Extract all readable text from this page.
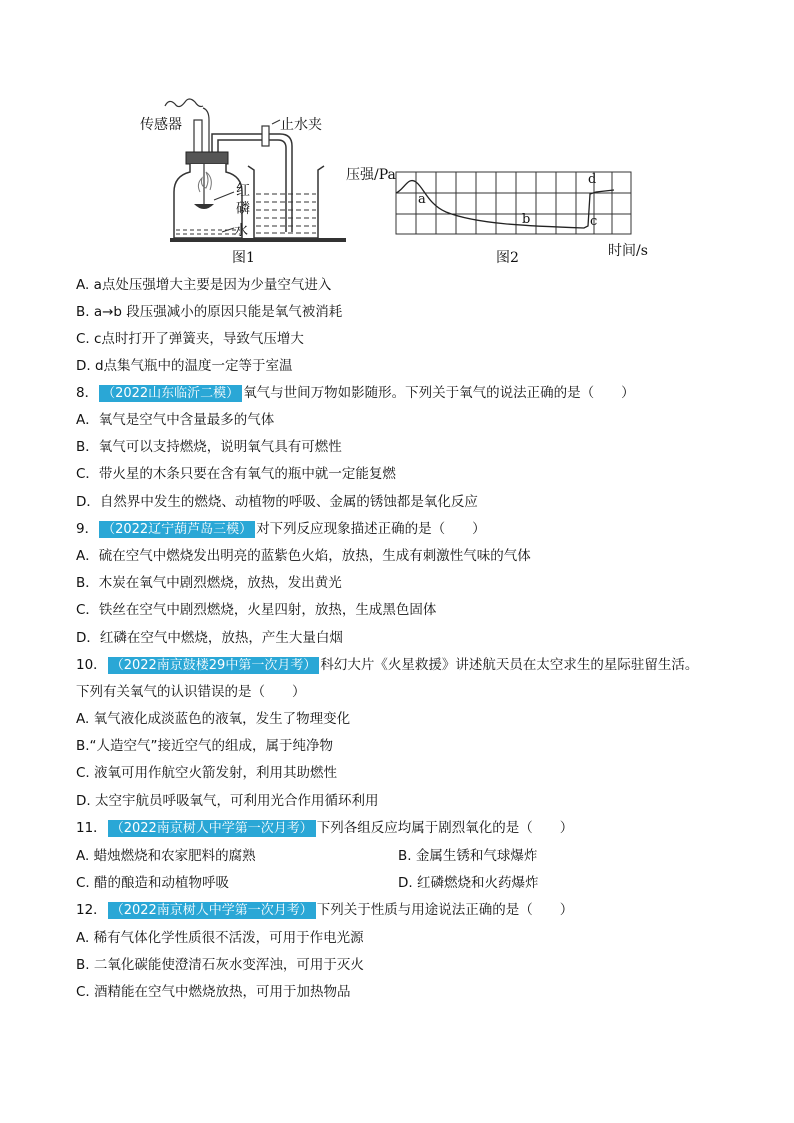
传感器	止水夹
红
磷
水
图1
压强/Pa
a
b	c
d
图2	时间/s
A. a点处压强增大主要是因为少量空气进入
B. a→b 段压强减小的原因只能是氧气被消耗
C. c点时打开了弹簧夹，导致气压增大
D. d点集气瓶中的温度一定等于室温
8． （2022山东临沂二模） 氧气与世间万物如影随形。下列关于氧气的说法正确的是（　　）
A．氧气是空气中含量最多的气体
B．氧气可以支持燃烧，说明氧气具有可燃性
C．带火星的木条只要在含有氧气的瓶中就一定能复燃
D．自然界中发生的燃烧、动植物的呼吸、金属的锈蚀都是氧化反应
9． （2022辽宁葫芦岛三模） 对下列反应现象描述正确的是（　　）
A．硫在空气中燃烧发出明亮的蓝紫色火焰，放热，生成有刺激性气味的气体
B．木炭在氧气中剧烈燃烧，放热，发出黄光
C．铁丝在空气中剧烈燃烧，火星四射，放热，生成黑色固体
D．红磷在空气中燃烧，放热，产生大量白烟
10． （2022南京鼓楼29中第一次月考） 科幻大片《火星救援》讲述航天员在太空求生的星际驻留生活。
下列有关氧气的认识错误的是（　　）
A. 氧气液化成淡蓝色的液氧，发生了物理变化
B.“人造空气”接近空气的组成，属于纯净物
C. 液氧可用作航空火箭发射，利用其助燃性
D. 太空宇航员呼吸氧气，可利用光合作用循环利用
11． （2022南京树人中学第一次月考） 下列各组反应均属于剧烈氧化的是（　　）
A. 蜡烛燃烧和农家肥料的腐熟	B. 金属生锈和气球爆炸
C. 醋的酿造和动植物呼吸	D. 红磷燃烧和火药爆炸
12． （2022南京树人中学第一次月考） 下列关于性质与用途说法正确的是（　　）
A. 稀有气体化学性质很不活泼，可用于作电光源
B. 二氧化碳能使澄清石灰水变浑浊，可用于灭火
C. 酒精能在空气中燃烧放热，可用于加热物品
